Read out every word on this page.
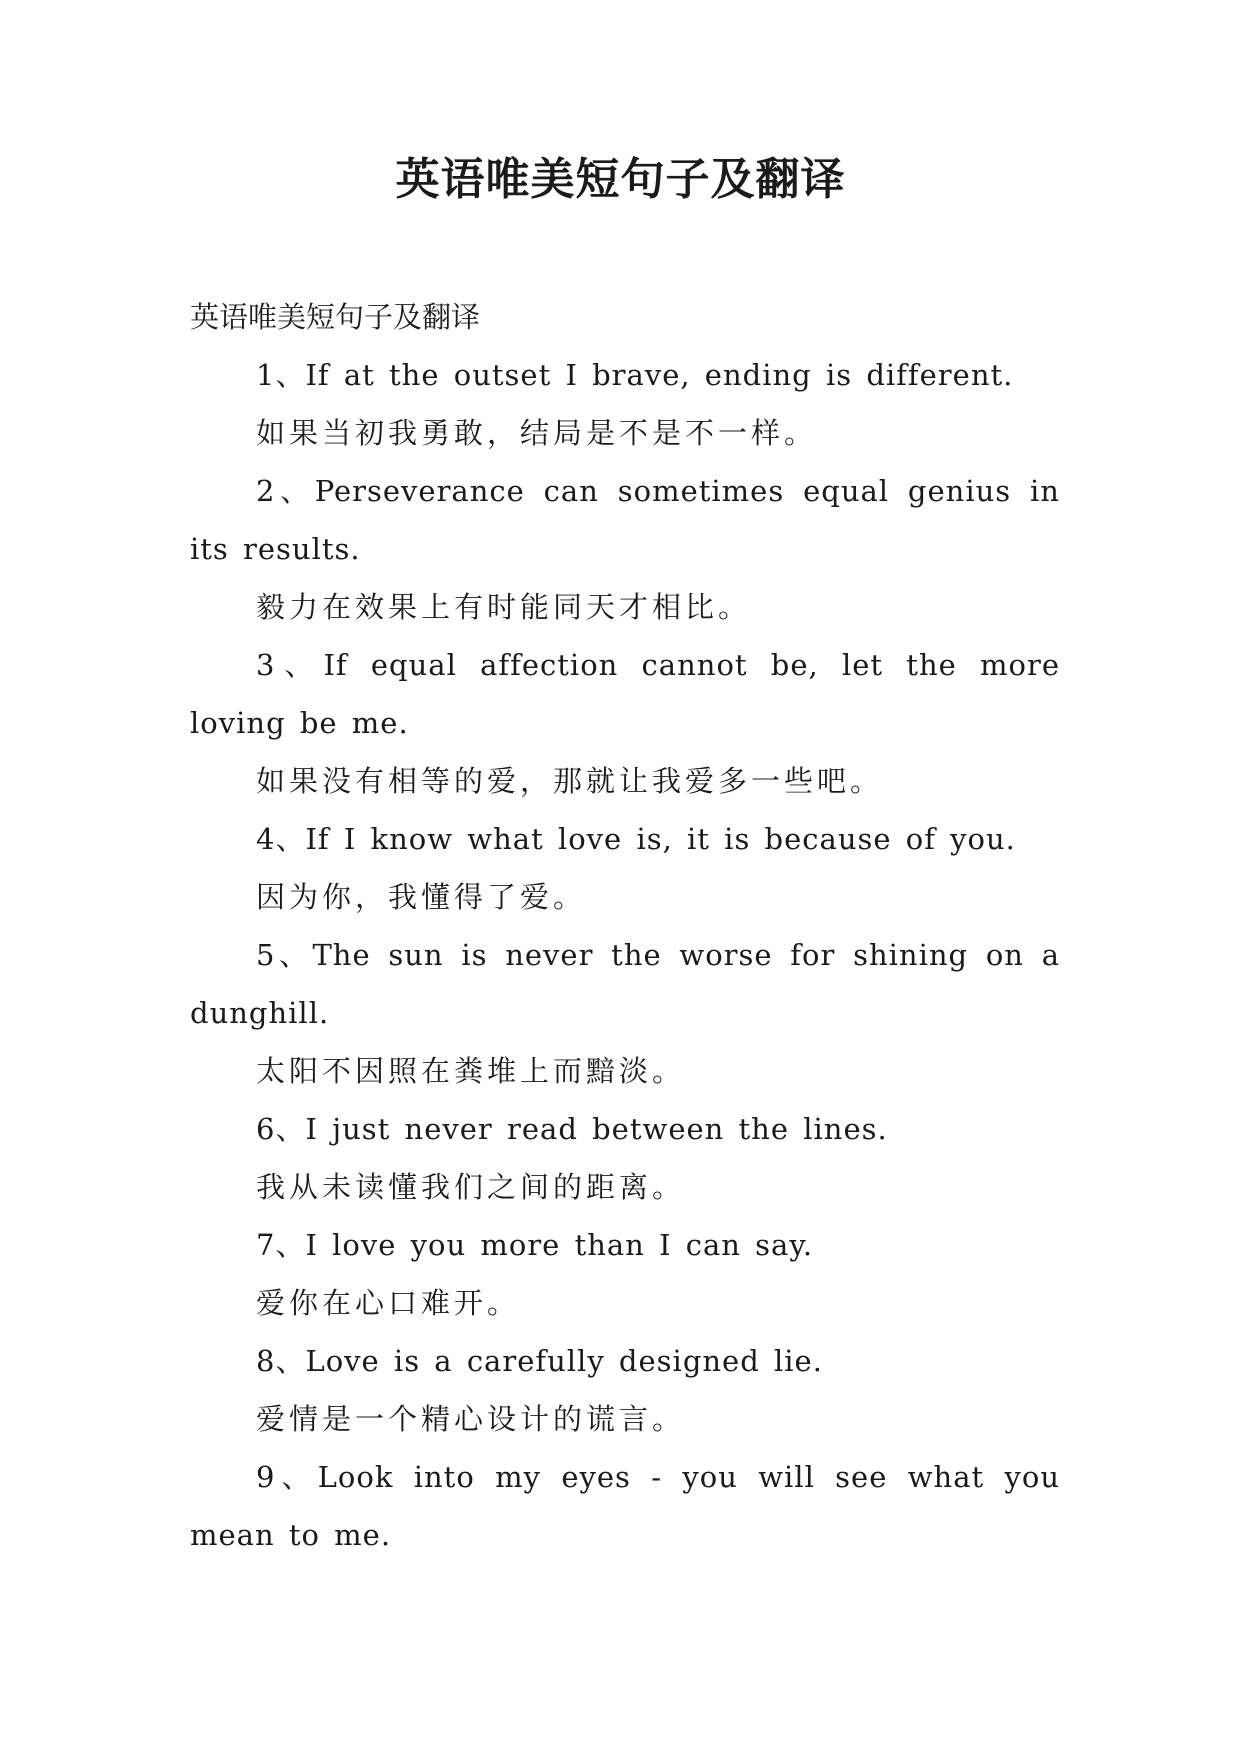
英语唯美短句子及翻译

英语唯美短句子及翻译

1、If at the outset I brave, ending is different.

如果当初我勇敢，结局是不是不一样。

2、Perseverance can sometimes equal genius in its results.

毅力在效果上有时能同天才相比。

3、If equal affection cannot be, let the more loving be me.

如果没有相等的爱，那就让我爱多一些吧。

4、If I know what love is, it is because of you.

因为你，我懂得了爱。

5、The sun is never the worse for shining on a dunghill.

太阳不因照在粪堆上而黯淡。

6、I just never read between the lines.

我从未读懂我们之间的距离。

7、I love you more than I can say.

爱你在心口难开。

8、Love is a carefully designed lie.

爱情是一个精心设计的谎言。

9、Look into my eyes - you will see what you mean to me.
